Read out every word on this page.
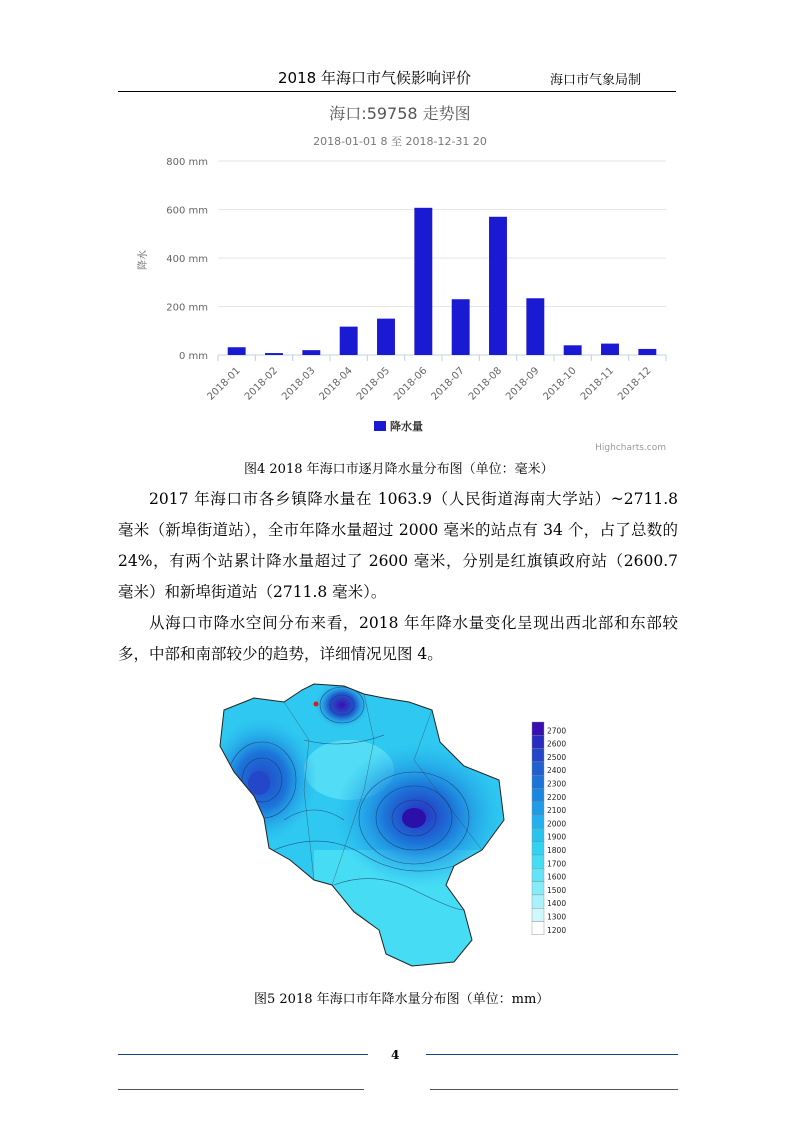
2018 年海口市气候影响评价	海口市气象局制
海口:59758 走势图
2018-01-01 8 至 2018-12-31 20
降水
0 mm
200 mm
400 mm
600 mm
800 mm
2018-01 2018-02 2018-03 2018-04 2018-05 2018-06 2018-07 2018-08 2018-09 2018-10 2018-11 2018-12
降水量
Highcharts.com
图4 2018 年海口市逐月降水量分布图（单位：毫米）
2017 年海口市各乡镇降水量在 1063.9（人民街道海南大学站）~2711.8 毫米（新埠街道站），全市年降水量超过 2000 毫米的站点有 34 个，占了总数的 24%，有两个站累计降水量超过了 2600 毫米，分别是红旗镇政府站（2600.7 毫米）和新埠街道站（2711.8 毫米）。
从海口市降水空间分布来看，2018 年年降水量变化呈现出西北部和东部较多，中部和南部较少的趋势，详细情况见图 4。
2700
2600
2500
2400
2300
2200
2100
2000
1900
1800
1700
1600
1500
1400
1300
1200
图5 2018 年海口市年降水量分布图（单位：mm）
4
